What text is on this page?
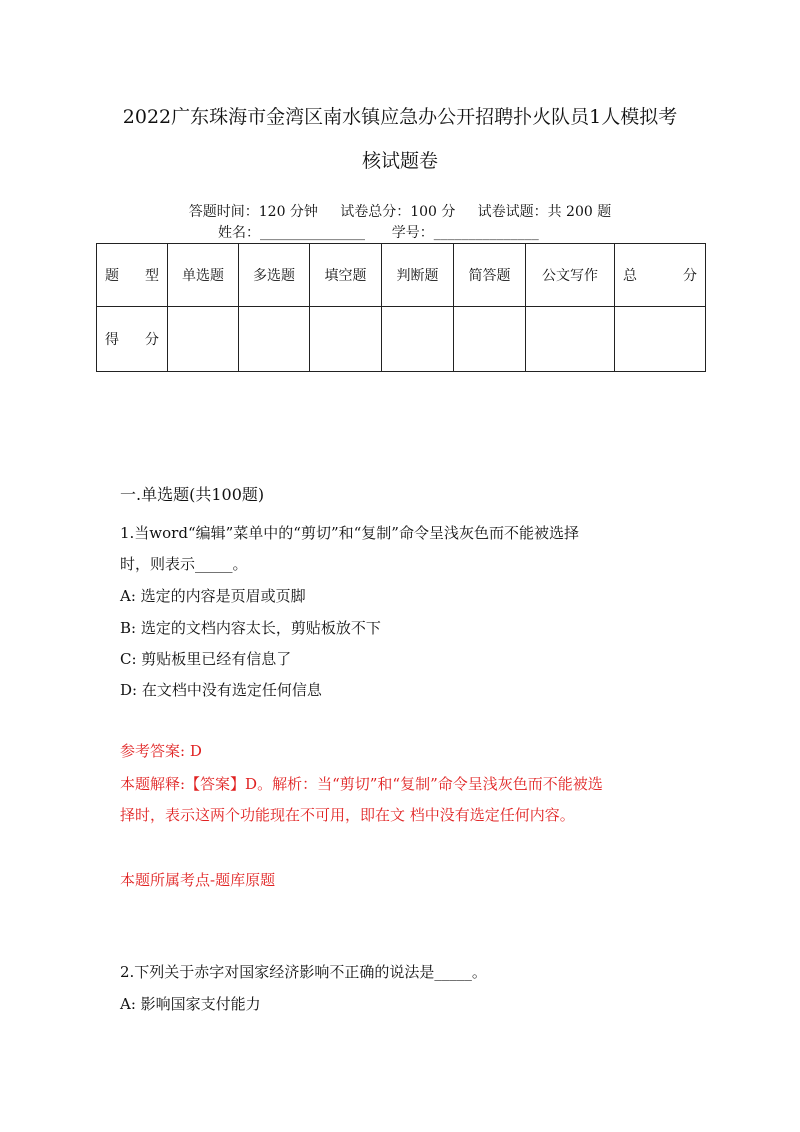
2022广东珠海市金湾区南水镇应急办公开招聘扑火队员1人模拟考
核试题卷
答题时间：120 分钟     试卷总分：100 分     试卷试题：共 200 题
姓名：_______________      学号：_______________
题 型	单选题	多选题	填空题	判断题	简答题	公文写作	总 分

得 分							

一.单选题(共100题)
1.当word“编辑”菜单中的“剪切”和“复制”命令呈浅灰色而不能被选择
时，则表示_____。
A: 选定的内容是页眉或页脚
B: 选定的文档内容太长，剪贴板放不下
C: 剪贴板里已经有信息了
D: 在文档中没有选定任何信息
参考答案: D
本题解释:【答案】D。解析：当“剪切”和“复制”命令呈浅灰色而不能被选
择时，表示这两个功能现在不可用，即在文 档中没有选定任何内容。
本题所属考点-题库原题
2.下列关于赤字对国家经济影响不正确的说法是_____。
A: 影响国家支付能力
